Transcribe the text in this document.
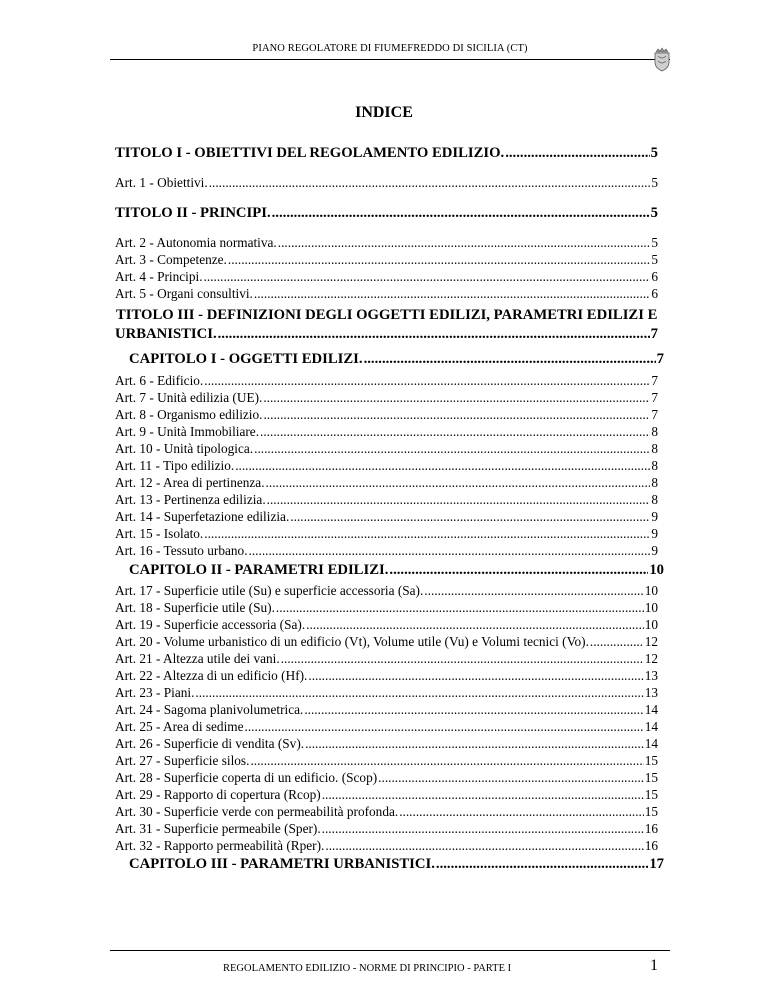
PIANO REGOLATORE DI FIUMEFREDDO DI SICILIA (CT)
INDICE
TITOLO I - OBIETTIVI DEL REGOLAMENTO EDILIZIO. .....	5
Art. 1 - Obiettivi. .....	5
TITOLO II - PRINCIPI. .....	5
Art. 2 - Autonomia normativa. .....	5
Art. 3 - Competenze. .....	5
Art. 4 - Principi. .....	6
Art. 5 - Organi consultivi. .....	6
TITOLO III - DEFINIZIONI DEGLI OGGETTI EDILIZI, PARAMETRI EDILIZI E
URBANISTICI. .....	7
CAPITOLO I - OGGETTI EDILIZI. .....	7
Art. 6 - Edificio. .....	7
Art. 7 - Unità edilizia (UE). .....	7
Art. 8 - Organismo edilizio. .....	7
Art. 9 - Unità Immobiliare. .....	8
Art. 10 - Unità tipologica. .....	8
Art. 11 - Tipo edilizio. .....	8
Art. 12 - Area di pertinenza. .....	8
Art. 13 - Pertinenza edilizia. .....	8
Art. 14 - Superfetazione edilizia. .....	9
Art. 15 - Isolato. .....	9
Art. 16 - Tessuto urbano. .....	9
CAPITOLO II - PARAMETRI EDILIZI. .....	10
Art. 17 - Superficie utile (Su) e superficie accessoria (Sa). .....	10
Art. 18 - Superficie utile (Su). .....	10
Art. 19 - Superficie accessoria (Sa). .....	10
Art. 20 - Volume urbanistico di un edificio (Vt), Volume utile (Vu) e Volumi tecnici (Vo). .....	12
Art. 21 - Altezza utile dei vani. .....	12
Art. 22 - Altezza di un edificio (Hf). .....	13
Art. 23 - Piani. .....	13
Art. 24 - Sagoma planivolumetrica. .....	14
Art. 25 - Area di sedime .....	14
Art. 26 - Superficie di vendita (Sv). .....	14
Art. 27 - Superficie silos. .....	15
Art. 28 - Superficie coperta di un edificio. (Scop) .....	15
Art. 29 - Rapporto di copertura (Rcop) .....	15
Art. 30 - Superficie verde con permeabilità profonda. .....	15
Art. 31 - Superficie permeabile (Sper). .....	16
Art. 32 - Rapporto permeabilità (Rper). .....	16
CAPITOLO III - PARAMETRI URBANISTICI. .....	17
REGOLAMENTO EDILIZIO - NORME DI PRINCIPIO - PARTE I	1
